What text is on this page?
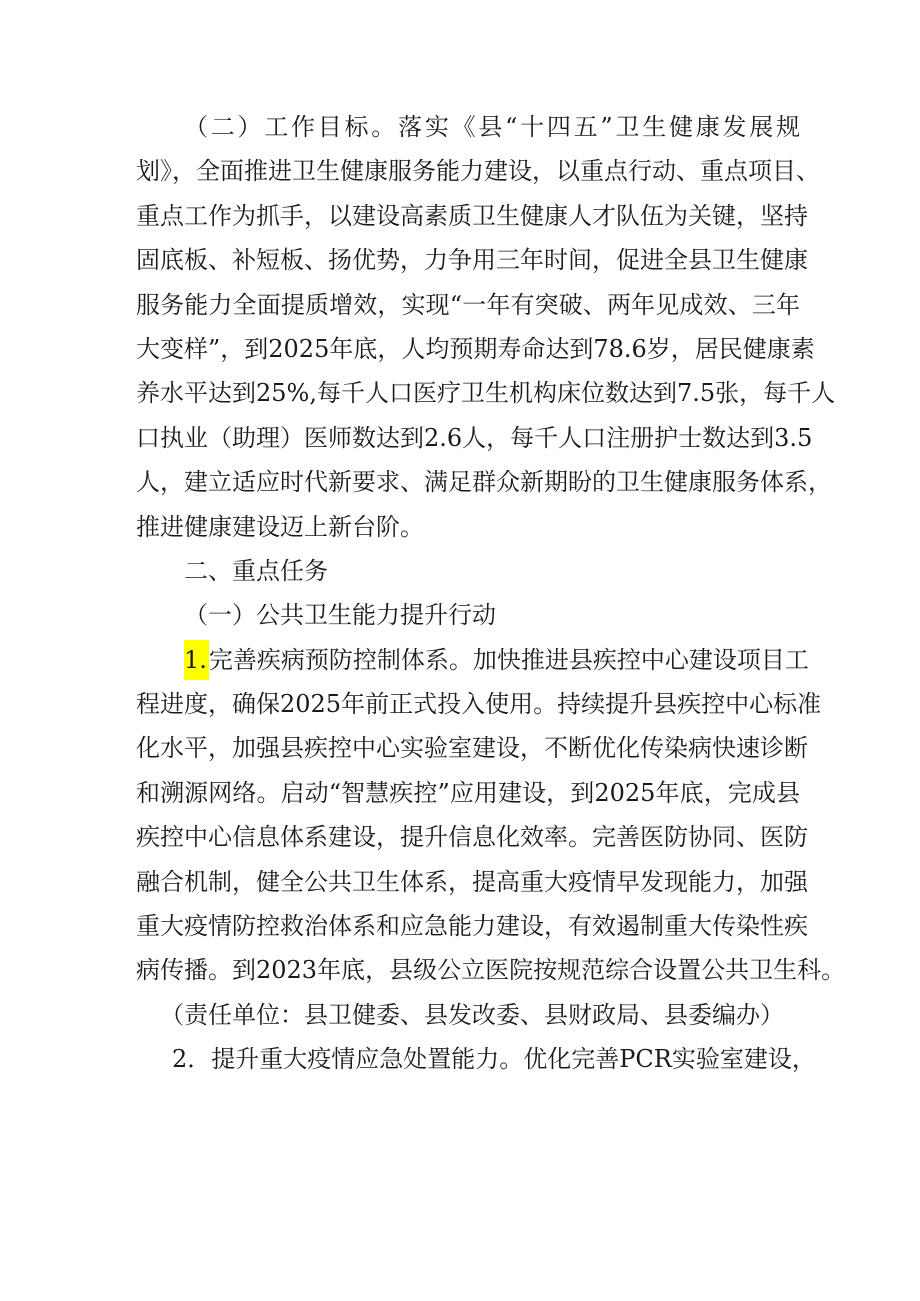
（二）工作目标。落实《县“十四五”卫生健康发展规
划》，全面推进卫生健康服务能力建设，以重点行动、重点项目、
重点工作为抓手，以建设高素质卫生健康人才队伍为关键，坚持
固底板、补短板、扬优势，力争用三年时间，促进全县卫生健康
服务能力全面提质增效，实现“一年有突破、两年见成效、三年
大变样”，到2025年底，人均预期寿命达到78.6岁，居民健康素
养水平达到25%,每千人口医疗卫生机构床位数达到7.5张，每千人
口执业（助理）医师数达到2.6人，每千人口注册护士数达到3.5
人，建立适应时代新要求、满足群众新期盼的卫生健康服务体系，
推进健康建设迈上新台阶。
二、重点任务
（一）公共卫生能力提升行动
1.完善疾病预防控制体系。加快推进县疾控中心建设项目工
程进度，确保2025年前正式投入使用。持续提升县疾控中心标准
化水平，加强县疾控中心实验室建设，不断优化传染病快速诊断
和溯源网络。启动“智慧疾控”应用建设，到2025年底，完成县
疾控中心信息体系建设，提升信息化效率。完善医防协同、医防
融合机制，健全公共卫生体系，提高重大疫情早发现能力，加强
重大疫情防控救治体系和应急能力建设，有效遏制重大传染性疾
病传播。到2023年底，县级公立医院按规范综合设置公共卫生科。
（责任单位：县卫健委、县发改委、县财政局、县委编办）
2．提升重大疫情应急处置能力。优化完善PCR实验室建设，
